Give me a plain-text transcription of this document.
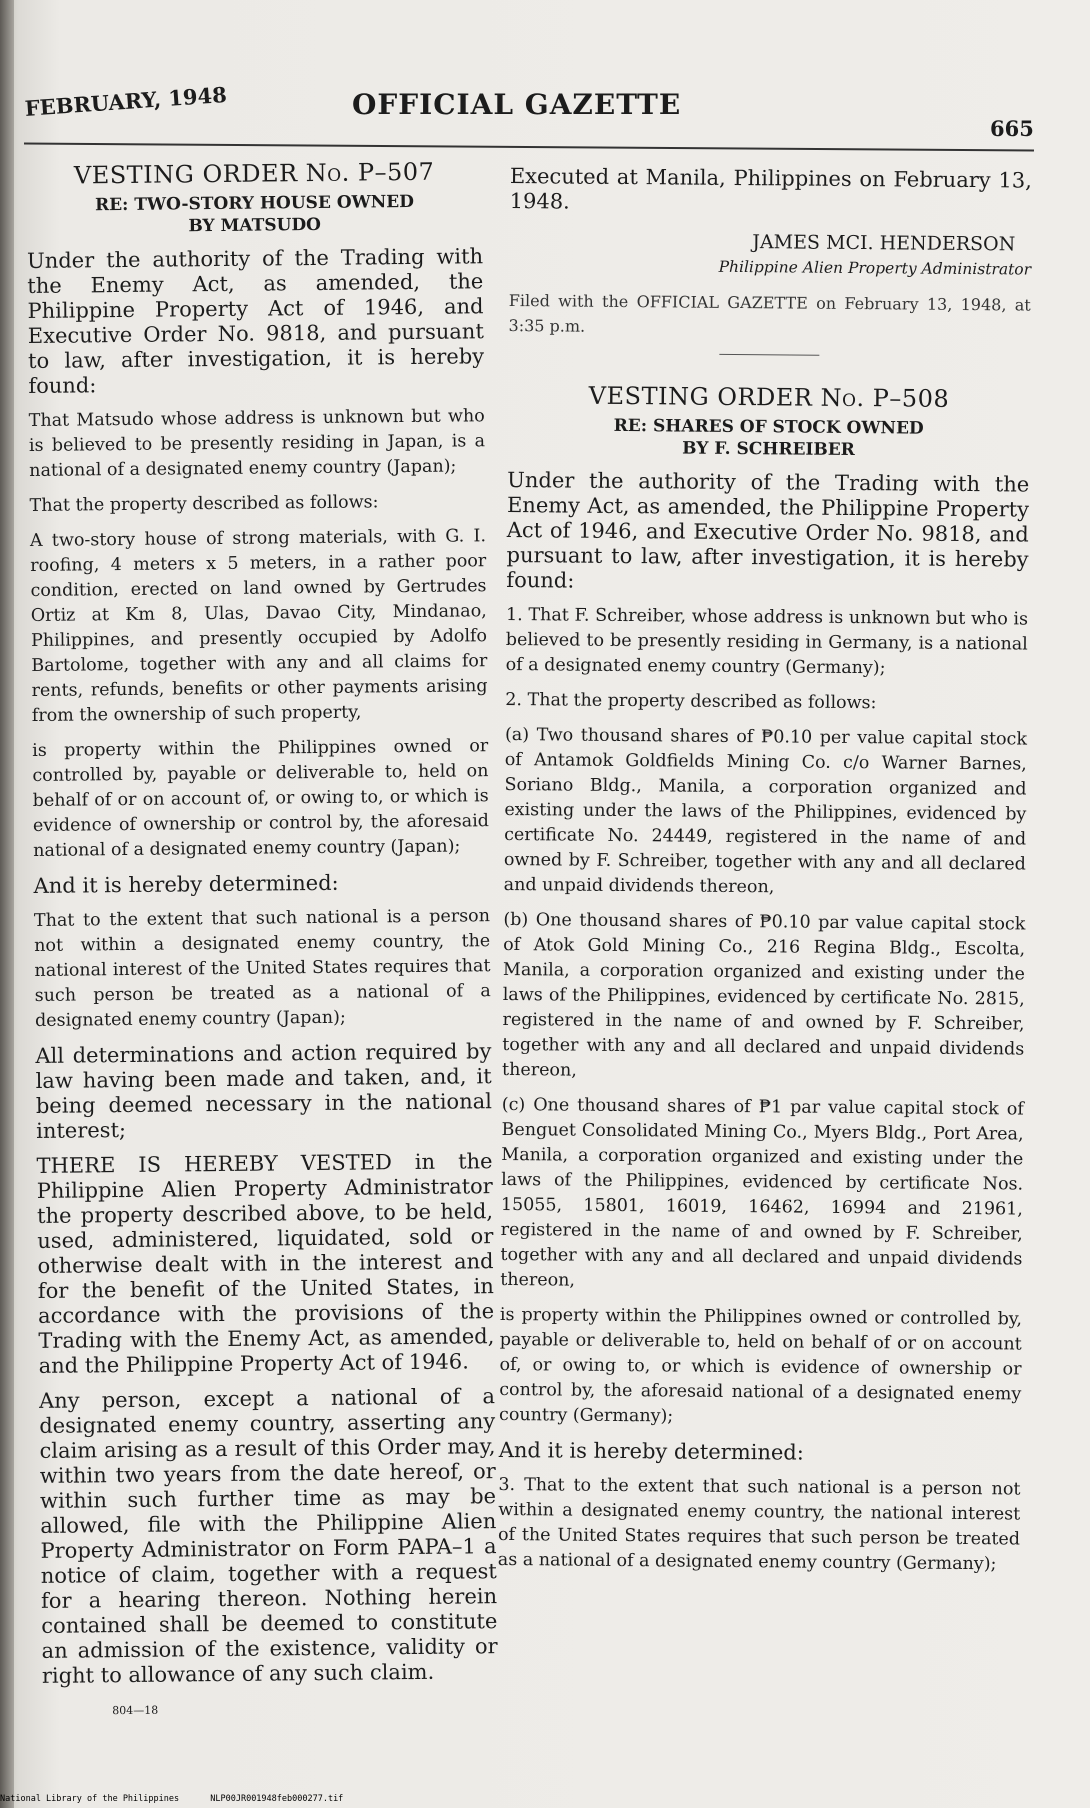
FEBRUARY, 1948	OFFICIAL GAZETTE
665
VESTING ORDER No. P–507
RE: TWO-STORY HOUSE OWNED
BY MATSUDO

Under the authority of the Trading with the Enemy Act, as amended, the Philippine Property Act of 1946, and Executive Order No. 9818, and pursuant to law, after investigation, it is hereby found:

That Matsudo whose address is unknown but who is believed to be presently residing in Japan, is a national of a designated enemy country (Japan);

That the property described as follows:

A two-story house of strong materials, with G. I. roofing, 4 meters x 5 meters, in a rather poor condition, erected on land owned by Gertrudes Ortiz at Km 8, Ulas, Davao City, Mindanao, Philippines, and presently occupied by Adolfo Bartolome, together with any and all claims for rents, refunds, benefits or other payments arising from the ownership of such property,

is property within the Philippines owned or controlled by, payable or deliverable to, held on behalf of or on account of, or owing to, or which is evidence of ownership or control by, the aforesaid national of a designated enemy country (Japan);

And it is hereby determined:

That to the extent that such national is a person not within a designated enemy country, the national interest of the United States requires that such person be treated as a national of a designated enemy country (Japan);

All determinations and action required by law having been made and taken, and, it being deemed necessary in the national interest;

THERE IS HEREBY VESTED in the Philippine Alien Property Administrator the property described above, to be held, used, administered, liquidated, sold or otherwise dealt with in the interest and for the benefit of the United States, in accordance with the provisions of the Trading with the Enemy Act, as amended, and the Philippine Property Act of 1946.

Any person, except a national of a designated enemy country, asserting any claim arising as a result of this Order may, within two years from the date hereof, or within such further time as may be allowed, file with the Philippine Alien Property Administrator on Form PAPA–1 a notice of claim, together with a request for a hearing thereon. Nothing herein contained shall be deemed to constitute an admission of the existence, validity or right to allowance of any such claim.

804—18

Executed at Manila, Philippines on February 13, 1948.

JAMES MCI. HENDERSON
Philippine Alien Property Administrator

Filed with the OFFICIAL GAZETTE on February 13, 1948, at 3:35 p.m.

VESTING ORDER No. P–508
RE: SHARES OF STOCK OWNED
BY F. SCHREIBER

Under the authority of the Trading with the Enemy Act, as amended, the Philippine Property Act of 1946, and Executive Order No. 9818, and pursuant to law, after investigation, it is hereby found:

1. That F. Schreiber, whose address is unknown but who is believed to be presently residing in Germany, is a national of a designated enemy country (Germany);

2. That the property described as follows:

(a) Two thousand shares of ₱0.10 per value capital stock of Antamok Goldfields Mining Co. c/o Warner Barnes, Soriano Bldg., Manila, a corporation organized and existing under the laws of the Philippines, evidenced by certificate No. 24449, registered in the name of and owned by F. Schreiber, together with any and all declared and unpaid dividends thereon,

(b) One thousand shares of ₱0.10 par value capital stock of Atok Gold Mining Co., 216 Regina Bldg., Escolta, Manila, a corporation organized and existing under the laws of the Philippines, evidenced by certificate No. 2815, registered in the name of and owned by F. Schreiber, together with any and all declared and unpaid dividends thereon,

(c) One thousand shares of ₱1 par value capital stock of Benguet Consolidated Mining Co., Myers Bldg., Port Area, Manila, a corporation organized and existing under the laws of the Philippines, evidenced by certificate Nos. 15055, 15801, 16019, 16462, 16994 and 21961, registered in the name of and owned by F. Schreiber, together with any and all declared and unpaid dividends thereon,

is property within the Philippines owned or controlled by, payable or deliverable to, held on behalf of or on account of, or owing to, or which is evidence of ownership or control by, the aforesaid national of a designated enemy country (Germany);

And it is hereby determined:

3. That to the extent that such national is a person not within a designated enemy country, the national interest of the United States requires that such person be treated as a national of a designated enemy country (Germany);

National Library of the Philippines	NLP00JR001948feb000277.tif
